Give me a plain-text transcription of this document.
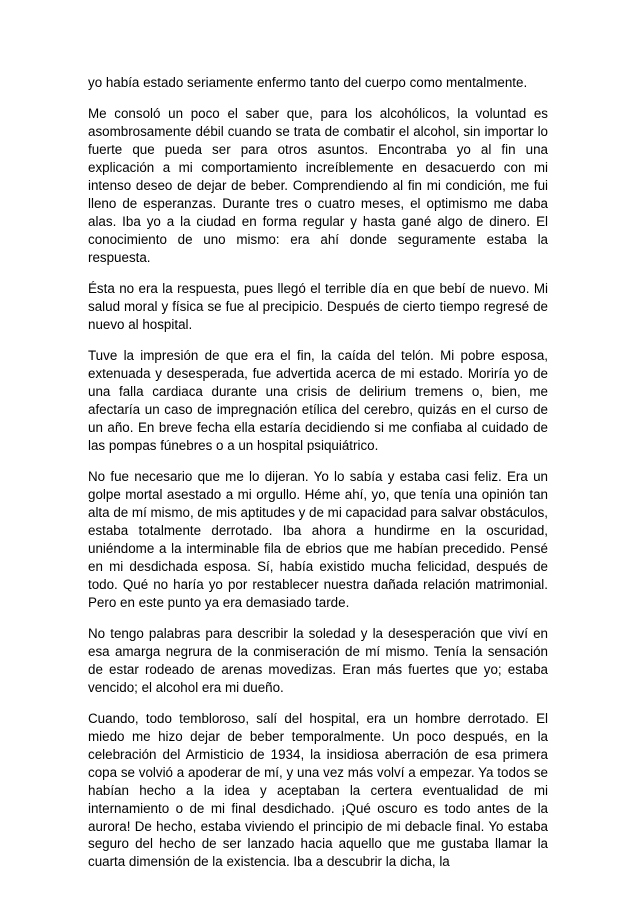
yo había estado seriamente enfermo tanto del cuerpo como mentalmente.

Me consoló un poco el saber que, para los alcohólicos, la voluntad es asombrosamente débil cuando se trata de combatir el alcohol, sin importar lo fuerte que pueda ser para otros asuntos. Encontraba yo al fin una explicación a mi comportamiento increíblemente en desacuerdo con mi intenso deseo de dejar de beber. Comprendiendo al fin mi condición, me fui lleno de esperanzas. Durante tres o cuatro meses, el optimismo me daba alas. Iba yo a la ciudad en forma regular y hasta gané algo de dinero. El conocimiento de uno mismo: era ahí donde seguramente estaba la respuesta.

Ésta no era la respuesta, pues llegó el terrible día en que bebí de nuevo. Mi salud moral y física se fue al precipicio. Después de cierto tiempo regresé de nuevo al hospital.

Tuve la impresión de que era el fin, la caída del telón. Mi pobre esposa, extenuada y desesperada, fue advertida acerca de mi estado. Moriría yo de una falla cardiaca durante una crisis de delirium tremens o, bien, me afectaría un caso de impregnación etílica del cerebro, quizás en el curso de un año. En breve fecha ella estaría decidiendo si me confiaba al cuidado de las pompas fúnebres o a un hospital psiquiátrico.

No fue necesario que me lo dijeran. Yo lo sabía y estaba casi feliz. Era un golpe mortal asestado a mi orgullo. Héme ahí, yo, que tenía una opinión tan alta de mí mismo, de mis aptitudes y de mi capacidad para salvar obstáculos, estaba totalmente derrotado. Iba ahora a hundirme en la oscuridad, uniéndome a la interminable fila de ebrios que me habían precedido. Pensé en mi desdichada esposa. Sí, había existido mucha felicidad, después de todo. Qué no haría yo por restablecer nuestra dañada relación matrimonial. Pero en este punto ya era demasiado tarde.

No tengo palabras para describir la soledad y la desesperación que viví en esa amarga negrura de la conmiseración de mí mismo. Tenía la sensación de estar rodeado de arenas movedizas. Eran más fuertes que yo; estaba vencido; el alcohol era mi dueño.

Cuando, todo tembloroso, salí del hospital, era un hombre derrotado. El miedo me hizo dejar de beber temporalmente. Un poco después, en la celebración del Armisticio de 1934, la insidiosa aberración de esa primera copa se volvió a apoderar de mí, y una vez más volví a empezar. Ya todos se habían hecho a la idea y aceptaban la certera eventualidad de mi internamiento o de mi final desdichado. ¡Qué oscuro es todo antes de la aurora! De hecho, estaba viviendo el principio de mi debacle final. Yo estaba seguro del hecho de ser lanzado hacia aquello que me gustaba llamar la cuarta dimensión de la existencia. Iba a descubrir la dicha, la
